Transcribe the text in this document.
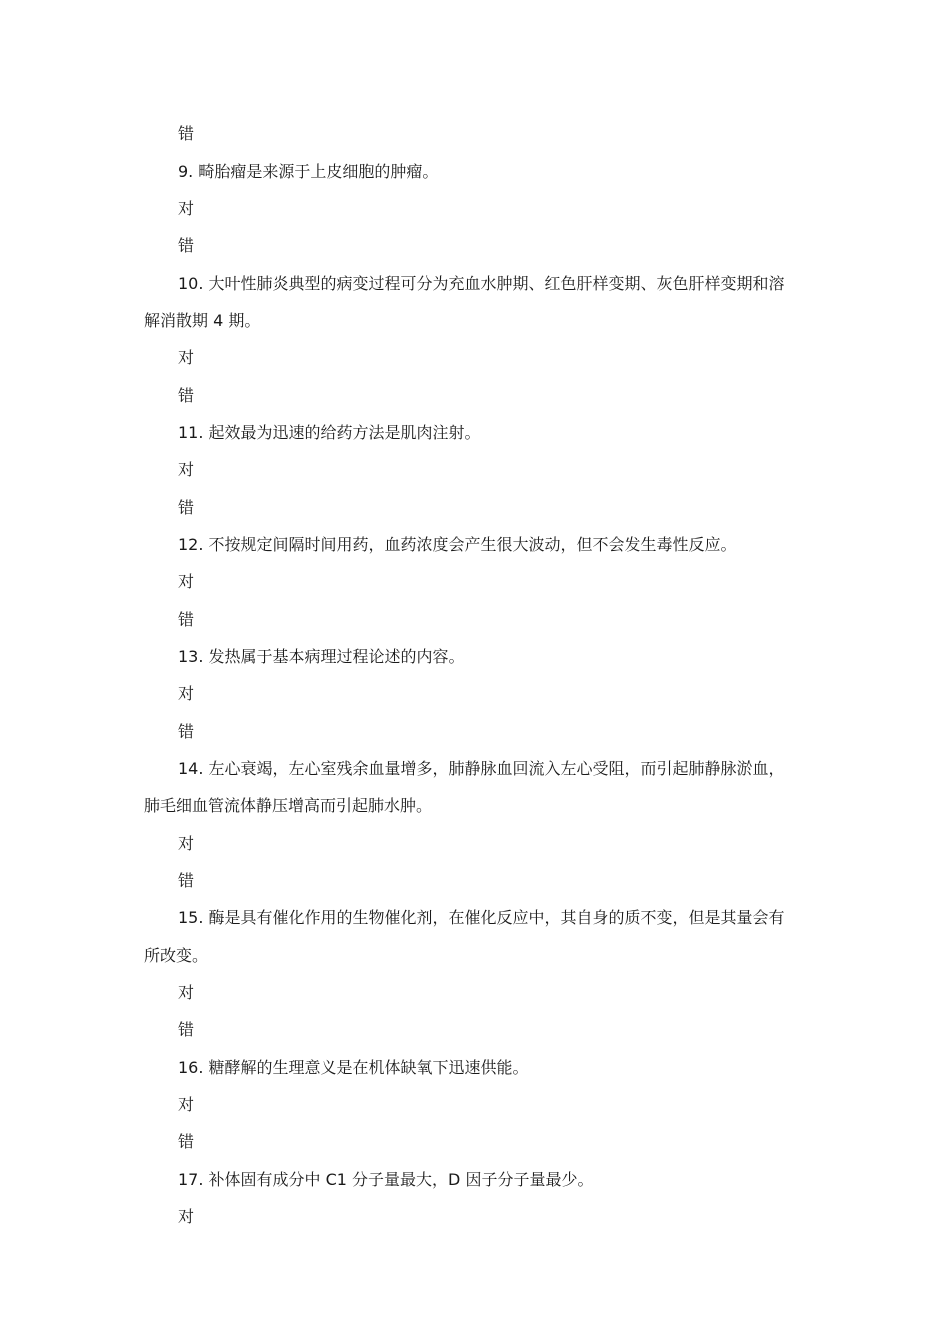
错
9. 畸胎瘤是来源于上皮细胞的肿瘤。
对
错
10. 大叶性肺炎典型的病变过程可分为充血水肿期、红色肝样变期、灰色肝样变期和溶
解消散期 4 期。
对
错
11. 起效最为迅速的给药方法是肌肉注射。
对
错
12. 不按规定间隔时间用药，血药浓度会产生很大波动，但不会发生毒性反应。
对
错
13. 发热属于基本病理过程论述的内容。
对
错
14. 左心衰竭，左心室残余血量增多，肺静脉血回流入左心受阻，而引起肺静脉淤血，
肺毛细血管流体静压增高而引起肺水肿。
对
错
15. 酶是具有催化作用的生物催化剂，在催化反应中，其自身的质不变，但是其量会有
所改变。
对
错
16. 糖酵解的生理意义是在机体缺氧下迅速供能。
对
错
17. 补体固有成分中 C1 分子量最大，D 因子分子量最少。
对
